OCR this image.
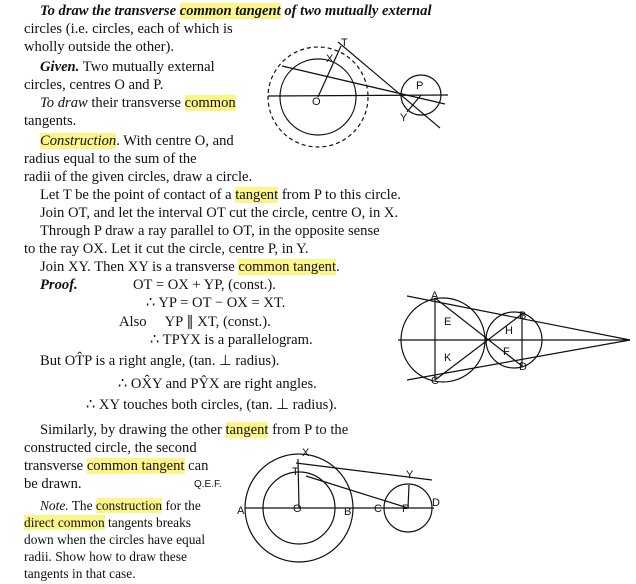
To draw the transverse common tangent of two mutually external
circles (i.e. circles, each of which is
wholly outside the other).
Given. Two mutually external
circles, centres O and P.
To draw their transverse common
tangents.
Construction. With centre O, and
radius equal to the sum of the
radii of the given circles, draw a circle.
Let T be the point of contact of a tangent from P to this circle.
Join OT, and let the interval OT cut the circle, centre O, in X.
Through P draw a ray parallel to OT, in the opposite sense
to the ray OX. Let it cut the circle, centre P, in Y.
Join XY. Then XY is a transverse common tangent.
Proof.	OT = OX + YP, (const.).
∴ YP = OT − OX = XT.
Also YP ∥ XT, (const.).
∴ TPYX is a parallelogram.
But OT̂P is a right angle, (tan. ⊥ radius).
∴ OX̂Y and PŶX are right angles.
∴ XY touches both circles, (tan. ⊥ radius).
Similarly, by drawing the other tangent from P to the
constructed circle, the second
transverse common tangent can
be drawn.	Q.E.F.
Note. The construction for the
direct common tangents breaks
down when the circles have equal
radii. Show how to draw these
tangents in that case.
T
X
O
P
Y
A
B
C
D
E
F
H
K
X
Y
T
A	O	B C P D
